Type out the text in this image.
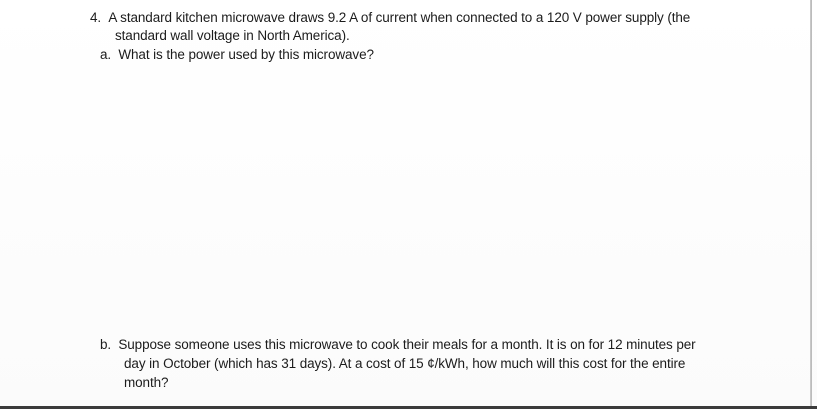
4. A standard kitchen microwave draws 9.2 A of current when connected to a 120 V power supply (the
standard wall voltage in North America).
a. What is the power used by this microwave?
b. Suppose someone uses this microwave to cook their meals for a month. It is on for 12 minutes per
day in October (which has 31 days). At a cost of 15 ¢/kWh, how much will this cost for the entire
month?
